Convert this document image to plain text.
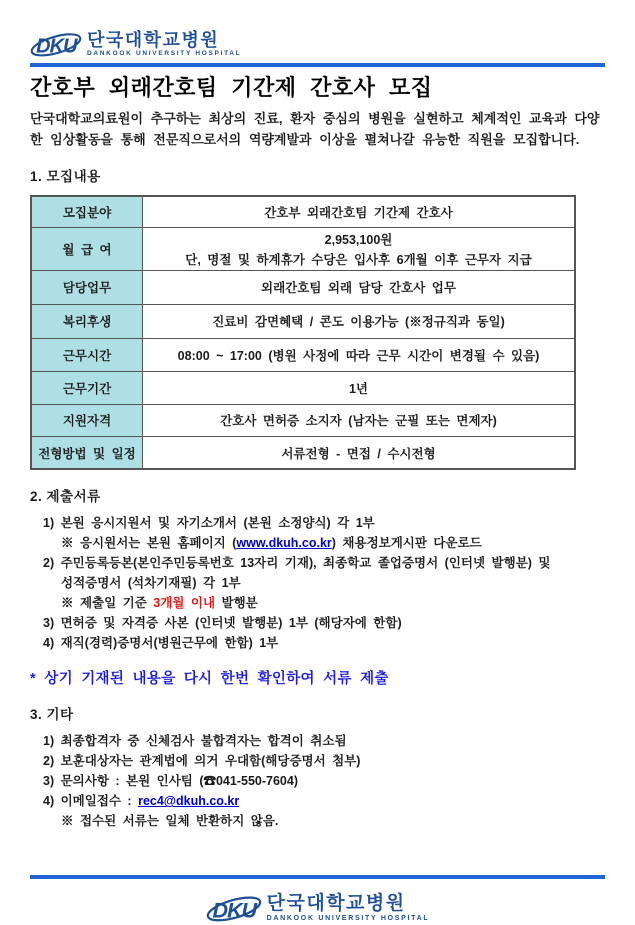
DKU 단국대학교병원
DANKOOK UNIVERSITY HOSPITAL
간호부 외래간호팀 기간제 간호사 모집
단국대학교의료원이 추구하는 최상의 진료, 환자 중심의 병원을 실현하고 체계적인 교육과 다양한 임상활동을 통해 전문직으로서의 역량계발과 이상을 펼쳐나갈 유능한 직원을 모집합니다.
1. 모집내용
모집분야	간호부 외래간호팀 기간제 간호사
월 급 여	2,953,100원
단, 명절 및 하계휴가 수당은 입사후 6개월 이후 근무자 지급

담당업무	외래간호팀 외래 담당 간호사 업무
복리후생	진료비 감면혜택 / 콘도 이용가능 (※정규직과 동일)
근무시간	08:00 ~ 17:00 (병원 사정에 따라 근무 시간이 변경될 수 있음)
근무기간	1년
지원자격	간호사 면허증 소지자 (남자는 군필 또는 면제자)
전형방법 및 일정	서류전형 - 면접 / 수시전형
2. 제출서류
1) 본원 응시지원서 및 자기소개서 (본원 소정양식) 각 1부
※ 응시원서는 본원 홈페이지 (www.dkuh.co.kr) 채용정보게시판 다운로드
2) 주민등록등본(본인주민등록번호 13자리 기재), 최종학교 졸업증명서 (인터넷 발행분) 및
성적증명서 (석차기재필) 각 1부
※ 제출일 기준 3개월 이내 발행분
3) 면허증 및 자격증 사본 (인터넷 발행분) 1부 (해당자에 한함)
4) 재직(경력)증명서(병원근무에 한함) 1부
* 상기 기재된 내용을 다시 한번 확인하여 서류 제출
3. 기타
1) 최종합격자 중 신체검사 불합격자는 합격이 취소됨
2) 보훈대상자는 관계법에 의거 우대함(해당증명서 첨부)
3) 문의사항 : 본원 인사팀 (☎041-550-7604)
4) 이메일접수 : rec4@dkuh.co.kr
※ 접수된 서류는 일체 반환하지 않음.
DKU 단국대학교병원
DANKOOK UNIVERSITY HOSPITAL
